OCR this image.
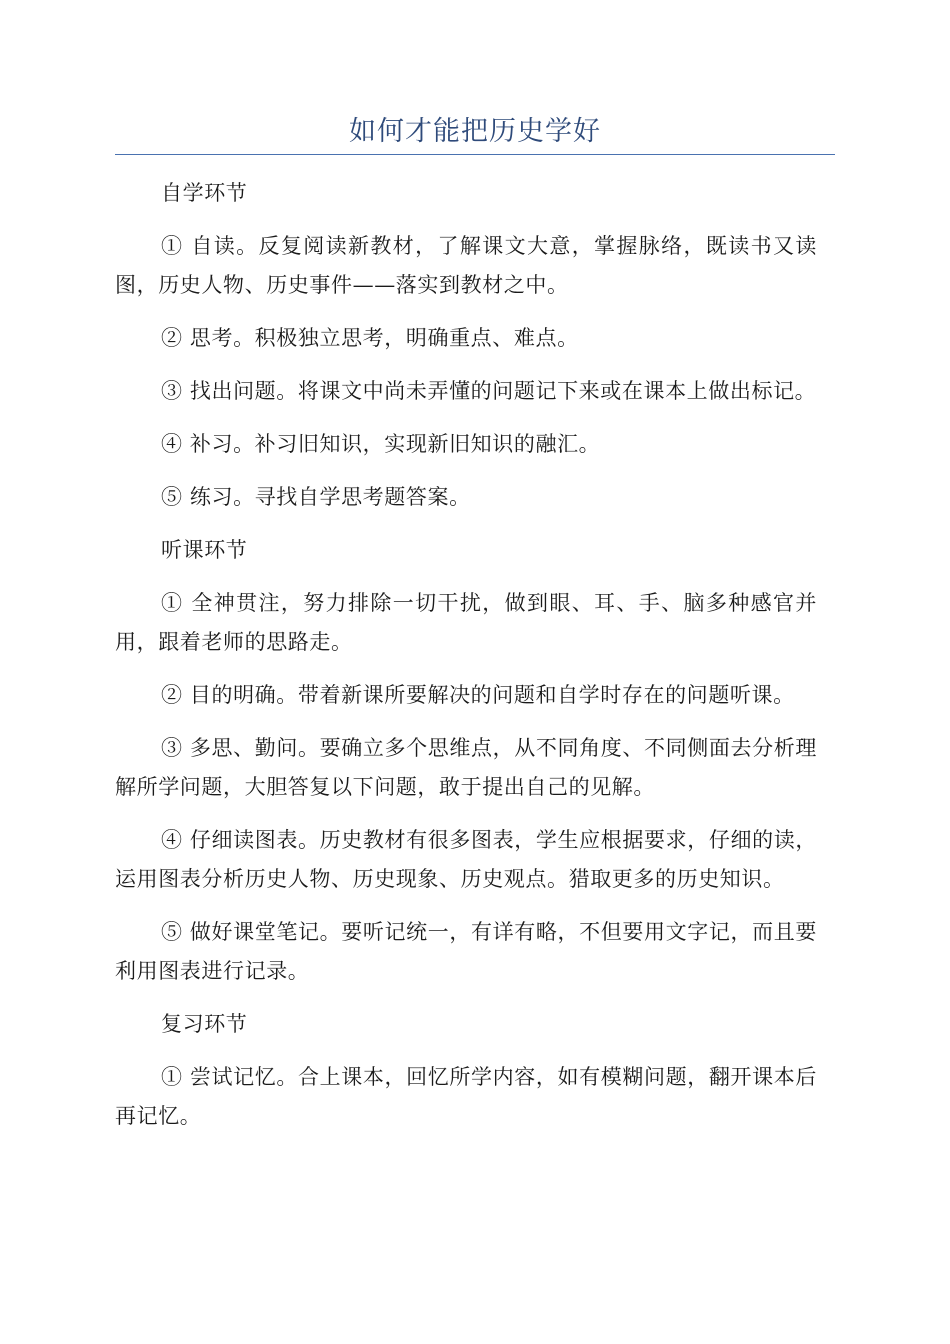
如何才能把历史学好

自学环节

① 自读。反复阅读新教材，了解课文大意，掌握脉络，既读书又读图，历史人物、历史事件——落实到教材之中。

② 思考。积极独立思考，明确重点、难点。

③ 找出问题。将课文中尚未弄懂的问题记下来或在课本上做出标记。

④ 补习。补习旧知识，实现新旧知识的融汇。

⑤ 练习。寻找自学思考题答案。

听课环节

① 全神贯注，努力排除一切干扰，做到眼、耳、手、脑多种感官并用，跟着老师的思路走。

② 目的明确。带着新课所要解决的问题和自学时存在的问题听课。

③ 多思、勤问。要确立多个思维点，从不同角度、不同侧面去分析理解所学问题，大胆答复以下问题，敢于提出自己的见解。

④ 仔细读图表。历史教材有很多图表，学生应根据要求，仔细的读，运用图表分析历史人物、历史现象、历史观点。猎取更多的历史知识。

⑤ 做好课堂笔记。要听记统一，有详有略，不但要用文字记，而且要利用图表进行记录。

复习环节

① 尝试记忆。合上课本，回忆所学内容，如有模糊问题，翻开课本后再记忆。
